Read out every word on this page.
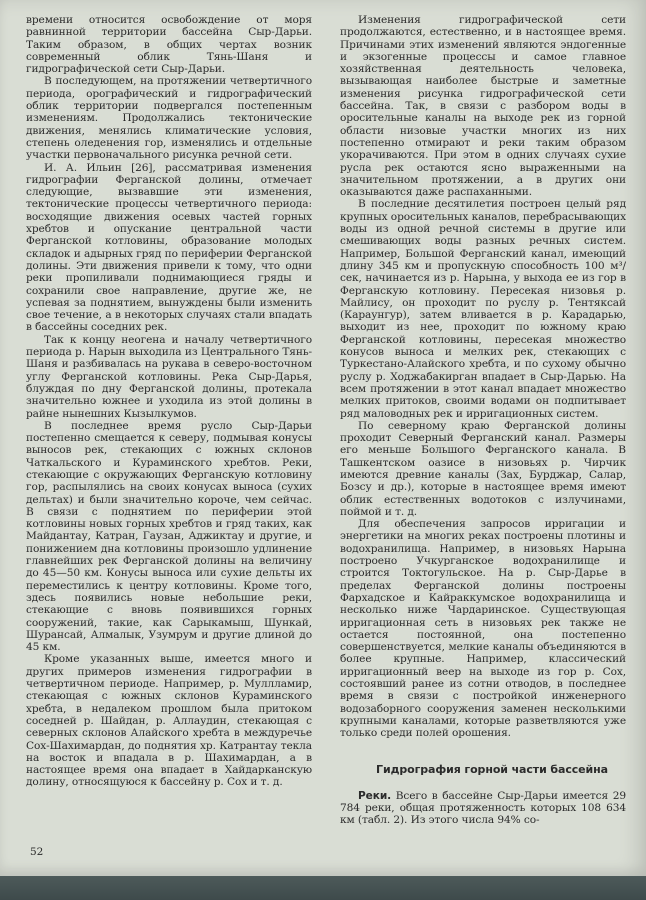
времени относится освобождение от моря равнинной территории бассейна Сыр-Дарьи. Таким образом, в общих чертах возник современный облик Тянь-Шаня и гидрографической сети Сыр-Дарьи.

В последующем, на протяжении четвертичного периода, орографический и гидрографический облик территории подвергался постепенным изменениям. Продолжались тектонические движения, менялись климатические условия, степень оледенения гор, изменялись и отдельные участки первоначального рисунка речной сети.

И. А. Ильин [26], рассматривая изменения гидрографии Ферганской долины, отмечает следующие, вызвавшие эти изменения, тектонические процессы четвертичного периода: восходящие движения осевых частей горных хребтов и опускание центральной части Ферганской котловины, образование молодых складок и адырных гряд по периферии Ферганской долины. Эти движения привели к тому, что одни реки пропиливали поднимающиеся гряды и сохранили свое направление, другие же, не успевая за поднятием, вынуждены были изменить свое течение, а в некоторых случаях стали впадать в бассейны соседних рек.

Так к концу неогена и началу четвертичного периода р. Нарын выходила из Центрального Тянь-Шаня и разбивалась на рукава в северо-восточном углу Ферганской котловины. Река Сыр-Дарья, блуждая по дну Ферганской долины, протекала значительно южнее и уходила из этой долины в райне нынешних Кызылкумов.

В последнее время русло Сыр-Дарьи постепенно смещается к северу, подмывая конусы выносов рек, стекающих с южных склонов Чаткальского и Кураминского хребтов. Реки, стекающие с окружающих Ферганскую котловину гор, распылялись на своих конусах выноса (сухих дельтах) и были значительно короче, чем сейчас. В связи с поднятием по периферии этой котловины новых горных хребтов и гряд таких, как Майдантау, Катран, Гаузан, Аджиктау и другие, и понижением дна котловины произошло удлинение главнейших рек Ферганской долины на величину до 45—50 км. Конусы выноса или сухие дельты их переместились к центру котловины. Кроме того, здесь появились новые небольшие реки, стекающие с вновь появившихся горных сооружений, такие, как Сарыкамыш, Шункай, Шурансай, Алмалык, Узумрум и другие длиной до 45 км.

Кроме указанных выше, имеется много и других примеров изменения гидрографии в четвертичном периоде. Например, р. Муллламир, стекающая с южных склонов Кураминского хребта, в недалеком прошлом была притоком соседней р. Шайдан, р. Аллаудин, стекающая с северных склонов Алайского хребта в междуречье Сох-Шахимардан, до поднятия хр. Катрантау текла на восток и впадала в р. Шахимардан, а в настоящее время она впадает в Хайдарканскую долину, относящуюся к бассейну р. Сох и т. д.

Изменения гидрографической сети продолжаются, естественно, и в настоящее время. Причинами этих изменений являются эндогенные и экзогенные процессы и самое главное хозяйственная деятельность человека, вызывающая наиболее быстрые и заметные изменения рисунка гидрографической сети бассейна. Так, в связи с разбором воды в оросительные каналы на выходе рек из горной области низовые участки многих из них постепенно отмирают и реки таким образом укорачиваются. При этом в одних случаях сухие русла рек остаются ясно выраженными на значительном протяжении, а в других они оказываются даже распаханными.

В последние десятилетия построен целый ряд крупных оросительных каналов, перебрасывающих воды из одной речной системы в другие или смешивающих воды разных речных систем. Например, Большой Ферганский канал, имеющий длину 345 км и пропускную способность 100 м³/сек, начинается из р. Нарына, у выхода ее из гор в Ферганскую котловину. Пересекая низовья р. Майлису, он проходит по руслу р. Тентяксай (Караунгур), затем вливается в р. Карадарью, выходит из нее, проходит по южному краю Ферганской котловины, пересекая множество конусов выноса и мелких рек, стекающих с Туркестано-Алайского хребта, и по сухому обычно руслу р. Ходжабакирган впадает в Сыр-Дарью. На всем протяжении в этот канал впадает множество мелких притоков, своими водами он подпитывает ряд маловодных рек и ирригационных систем.

По северному краю Ферганской долины проходит Северный Ферганский канал. Размеры его меньше Большого Ферганского канала. В Ташкентском оазисе в низовьях р. Чирчик имеются древние каналы (Зах, Бурджар, Салар, Бозсу и др.), которые в настоящее время имеют облик естественных водотоков с излучинами, поймой и т. д.

Для обеспечения запросов ирригации и энергетики на многих реках построены плотины и водохранилища. Например, в низовьях Нарына построено Учкурганское водохранилище и строится Токтогульское. На р. Сыр-Дарье в пределах Ферганской долины построены Фархадское и Кайраккумское водохранилища и несколько ниже Чардаринское. Существующая ирригационная сеть в низовьях рек также не остается постоянной, она постепенно совершенствуется, мелкие каналы объединяются в более крупные. Например, классический ирригационный веер на выходе из гор р. Сох, состоявший ранее из сотни отводов, в последнее время в связи с постройкой инженерного водозаборного сооружения заменен несколькими крупными каналами, которые разветвляются уже только среди полей орошения.

Гидрография горной части бассейна

Реки. Всего в бассейне Сыр-Дарьи имеется 29 784 реки, общая протяженность которых 108 634 км (табл. 2). Из этого числа 94% со-

52
